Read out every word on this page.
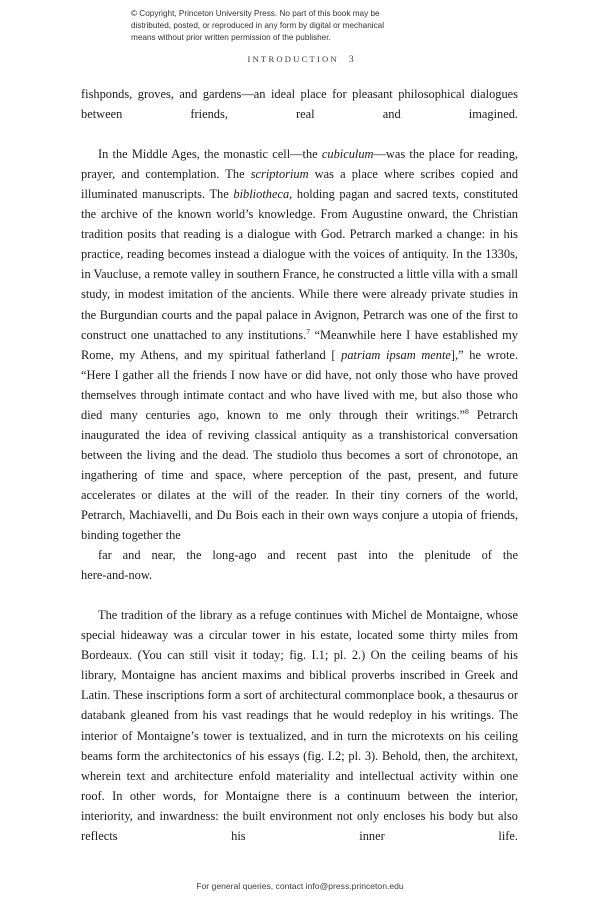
© Copyright, Princeton University Press. No part of this book may be
distributed, posted, or reproduced in any form by digital or mechanical
means without prior written permission of the publisher.
INTRODUCTION 3

fishponds, groves, and gardens—an ideal place for pleasant philosophical dialogues between friends, real and imagined.

In the Middle Ages, the monastic cell—the cubiculum—was the place for reading, prayer, and contemplation. The scriptorium was a place where scribes copied and illuminated manuscripts. The bibliotheca, holding pagan and sacred texts, constituted the archive of the known world’s knowledge. From Augustine onward, the Christian tradition posits that reading is a dialogue with God. Petrarch marked a change: in his practice, reading becomes instead a dialogue with the voices of antiquity. In the 1330s, in Vaucluse, a remote valley in southern France, he constructed a little villa with a small study, in modest imitation of the ancients. While there were already private studies in the Burgundian courts and the papal palace in Avignon, Petrarch was one of the first to construct one unattached to any institutions.$^7$ “Meanwhile here I have established my Rome, my Athens, and my spiritual fatherland [ patriam ipsam mente],” he wrote. “Here I gather all the friends I now have or did have, not only those who have proved themselves through intimate contact and who have lived with me, but also those who died many centuries ago, known to me only through their writings.”$^8$ Petrarch inaugurated the idea of reviving classical antiquity as a transhistorical conversation between the living and the dead. The studiolo thus becomes a sort of chronotope, an ingathering of time and space, where perception of the past, present, and future accelerates or dilates at the will of the reader. In their tiny corners of the world, Petrarch, Machiavelli, and Du Bois each in their own ways conjure a utopia of friends, binding together the
far and near, the long-ago and recent past into the plenitude of the
here-and-now.

The tradition of the library as a refuge continues with Michel de Montaigne, whose special hideaway was a circular tower in his estate, located some thirty miles from Bordeaux. (You can still visit it today; fig. I.1; pl. 2.) On the ceiling beams of his library, Montaigne has ancient maxims and biblical proverbs inscribed in Greek and Latin. These inscriptions form a sort of architectural commonplace book, a thesaurus or databank gleaned from his vast readings that he would redeploy in his writings. The interior of Montaigne’s tower is textualized, and in turn the microtexts on his ceiling beams form the architectonics of his essays (fig. I.2; pl. 3). Behold, then, the architext, wherein text and architecture enfold materiality and intellectual activity within one roof. In other words, for Montaigne there is a continuum between the interior, interiority, and inwardness: the built environment not only encloses his body but also reflects his inner life.

For general queries, contact info@press.princeton.edu
